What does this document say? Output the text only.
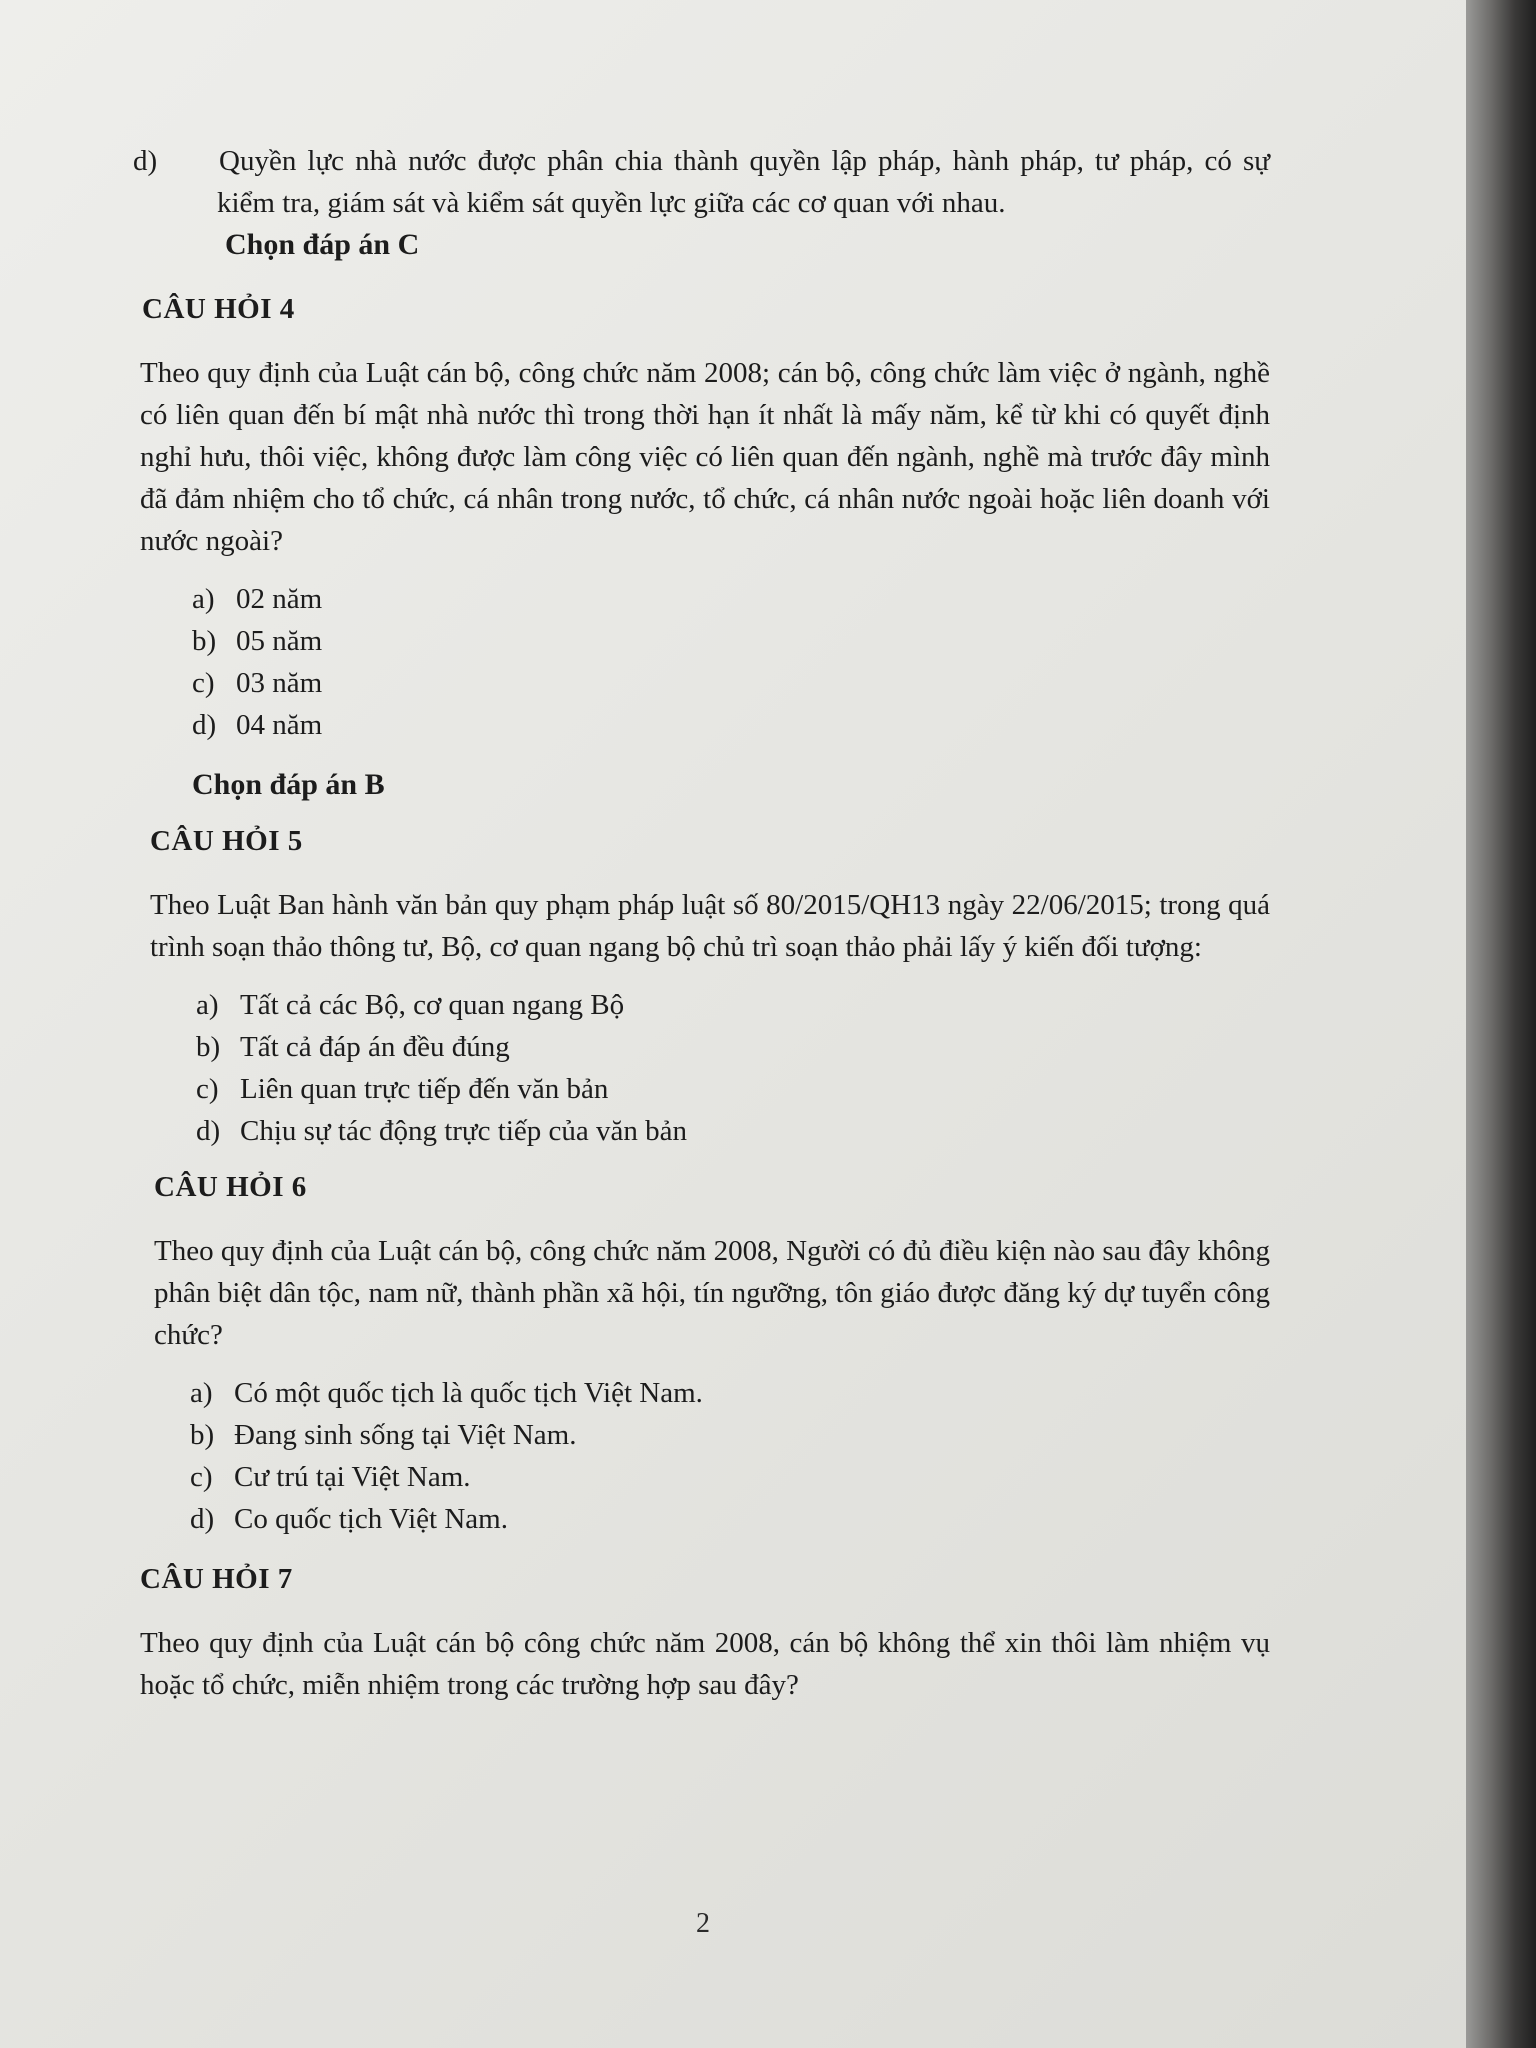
d) Quyền lực nhà nước được phân chia thành quyền lập pháp, hành pháp, tư pháp, có sự kiểm tra, giám sát và kiểm sát quyền lực giữa các cơ quan với nhau.

Chọn đáp án C

CÂU HỎI 4

Theo quy định của Luật cán bộ, công chức năm 2008; cán bộ, công chức làm việc ở ngành, nghề có liên quan đến bí mật nhà nước thì trong thời hạn ít nhất là mấy năm, kể từ khi có quyết định nghỉ hưu, thôi việc, không được làm công việc có liên quan đến ngành, nghề mà trước đây mình đã đảm nhiệm cho tổ chức, cá nhân trong nước, tổ chức, cá nhân nước ngoài hoặc liên doanh với nước ngoài?

a) 02 năm
b) 05 năm
c) 03 năm
d) 04 năm

Chọn đáp án B

CÂU HỎI 5

Theo Luật Ban hành văn bản quy phạm pháp luật số 80/2015/QH13 ngày 22/06/2015; trong quá trình soạn thảo thông tư, Bộ, cơ quan ngang bộ chủ trì soạn thảo phải lấy ý kiến đối tượng:

a) Tất cả các Bộ, cơ quan ngang Bộ
b) Tất cả đáp án đều đúng
c) Liên quan trực tiếp đến văn bản
d) Chịu sự tác động trực tiếp của văn bản
CÂU HỎI 6

Theo quy định của Luật cán bộ, công chức năm 2008, Người có đủ điều kiện nào sau đây không phân biệt dân tộc, nam nữ, thành phần xã hội, tín ngưỡng, tôn giáo được đăng ký dự tuyển công chức?

a) Có một quốc tịch là quốc tịch Việt Nam.
b) Đang sinh sống tại Việt Nam.
c) Cư trú tại Việt Nam.
d) Co quốc tịch Việt Nam.
CÂU HỎI 7

Theo quy định của Luật cán bộ công chức năm 2008, cán bộ không thể xin thôi làm nhiệm vụ hoặc tổ chức, miễn nhiệm trong các trường hợp sau đây?

2
